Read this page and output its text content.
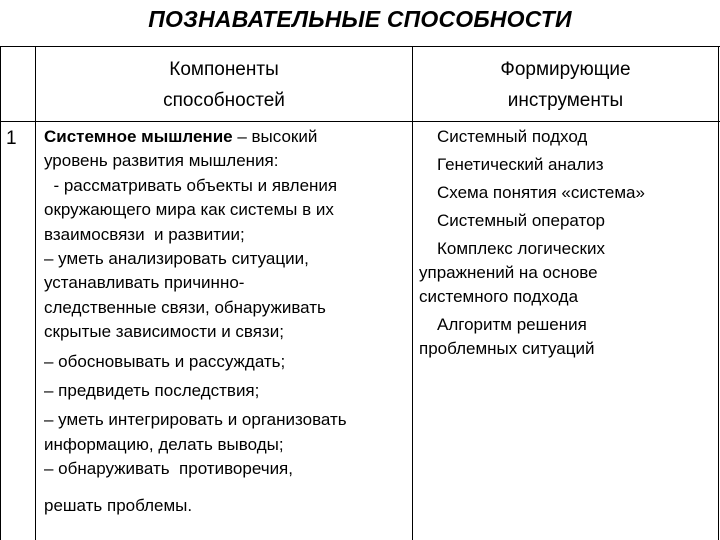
ПОЗНАВАТЕЛЬНЫЕ СПОСОБНОСТИ
Компоненты
способностей
Формирующие
инструменты
1 Системное мышление – высокий

уровень развития мышления:

- рассматривать объекты и явления

окружающего мира как системы в их

взаимосвязи  и развитии;

– уметь анализировать ситуации,

устанавливать причинно-

следственные связи, обнаруживать

скрытые зависимости и связи;

– обосновывать и рассуждать;

– предвидеть последствия;

– уметь интегрировать и организовать

информацию, делать выводы;

– обнаруживать  противоречия,

решать проблемы.

Системный подход

Генетический анализ

Схема понятия «система»

Системный оператор

Комплекс логических

упражнений на основе

системного подхода

Алгоритм решения

проблемных ситуаций
